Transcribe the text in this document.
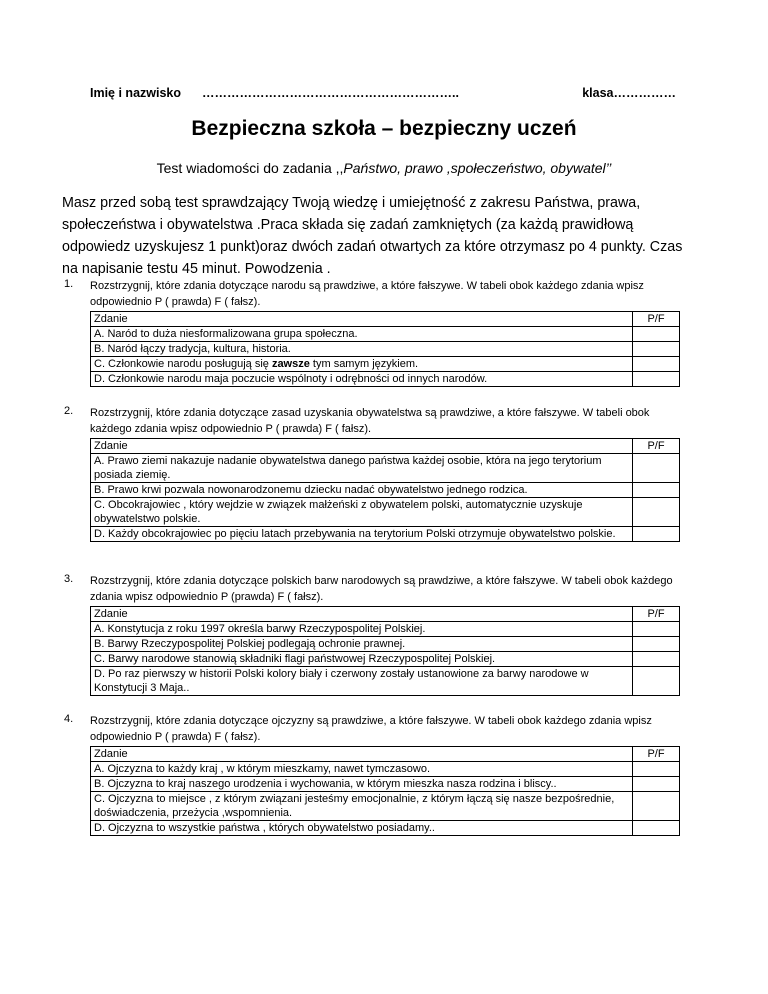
Imię i nazwisko ……………………………………………………..	klasa……………
Bezpieczna szkoła – bezpieczny uczeń
Test wiadomości do zadania ,,Państwo, prawo ,społeczeństwo, obywatel’’
Masz przed sobą test sprawdzający Twoją wiedzę i umiejętność z zakresu Państwa, prawa, społeczeństwa i obywatelstwa .Praca składa się zadań zamkniętych (za każdą prawidłową odpowiedz uzyskujesz 1 punkt)oraz dwóch zadań otwartych za które otrzymasz po 4 punkty. Czas na napisanie testu 45 minut. Powodzenia .
1.	Rozstrzygnij, które zdania dotyczące narodu są prawdziwe, a które fałszywe. W tabeli obok każdego zdania wpisz odpowiednio P ( prawda) F ( fałsz).
Zdanie	P/F
A. Naród to duża niesformalizowana grupa społeczna.	
B. Naród łączy tradycja, kultura, historia.	
C. Członkowie narodu posługują się zawsze tym samym językiem.	
D. Członkowie narodu maja poczucie wspólnoty i odrębności od innych narodów.	
2.	Rozstrzygnij, które zdania dotyczące zasad uzyskania obywatelstwa są prawdziwe, a które fałszywe. W tabeli obok każdego zdania wpisz odpowiednio P ( prawda) F ( fałsz).
Zdanie	P/F
A. Prawo ziemi nakazuje nadanie obywatelstwa danego państwa każdej osobie, która na jego terytorium posiada ziemię.	
B. Prawo krwi pozwala nowonarodzonemu dziecku nadać obywatelstwo jednego rodzica.	
C. Obcokrajowiec , który wejdzie w związek małżeński z obywatelem polski, automatycznie uzyskuje obywatelstwo polskie.	
D. Każdy obcokrajowiec po pięciu latach przebywania na terytorium Polski otrzymuje obywatelstwo polskie.	
3.	Rozstrzygnij, które zdania dotyczące polskich barw narodowych są prawdziwe, a które fałszywe. W tabeli obok każdego zdania wpisz odpowiednio P (prawda) F ( fałsz).
Zdanie	P/F
A. Konstytucja z roku 1997 określa barwy Rzeczypospolitej Polskiej.	
B. Barwy Rzeczypospolitej Polskiej podlegają ochronie prawnej.	
C. Barwy narodowe stanowią składniki flagi państwowej Rzeczypospolitej Polskiej.	
D. Po raz pierwszy w historii Polski kolory biały i czerwony zostały ustanowione za barwy narodowe w Konstytucji 3 Maja..	
4.	Rozstrzygnij, które zdania dotyczące ojczyzny są prawdziwe, a które fałszywe. W tabeli obok każdego zdania wpisz odpowiednio P ( prawda) F ( fałsz).
Zdanie	P/F
A. Ojczyzna to każdy kraj , w którym mieszkamy, nawet tymczasowo.	
B. Ojczyzna to kraj naszego urodzenia i wychowania, w którym mieszka nasza rodzina i bliscy..	
C. Ojczyzna to miejsce , z którym związani jesteśmy emocjonalnie, z którym łączą się nasze bezpośrednie, doświadczenia, przeżycia ,wspomnienia.	
D. Ojczyzna to wszystkie państwa , których obywatelstwo posiadamy..	
